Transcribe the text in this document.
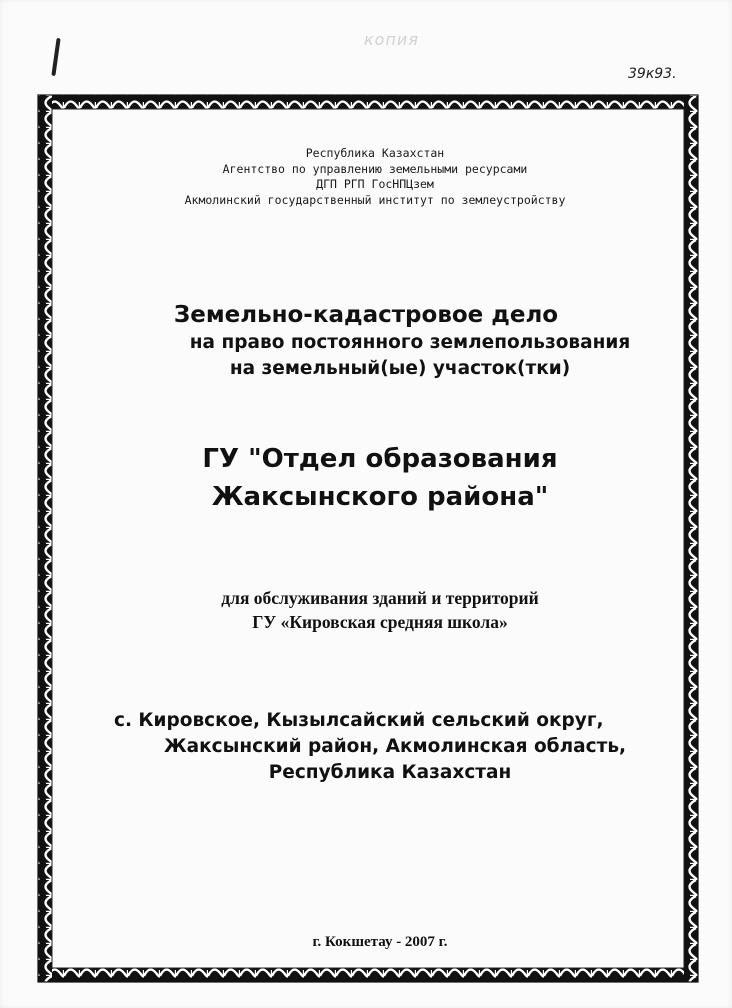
копия
39к93.
Республика Казахстан
Агентство по управлению земельными ресурсами
ДГП РГП ГосНПЦзем
Акмолинский государственный институт по землеустройству
Земельно-кадастровое дело
на право постоянного землепользования
на земельный(ые) участок(тки)
ГУ "Отдел образования
Жаксынского района"
для обслуживания зданий и территорий
ГУ «Кировская средняя школа»
с. Кировское, Кызылсайский сельский округ,
Жаксынский район, Акмолинская область,
Республика Казахстан
г. Кокшетау - 2007 г.
